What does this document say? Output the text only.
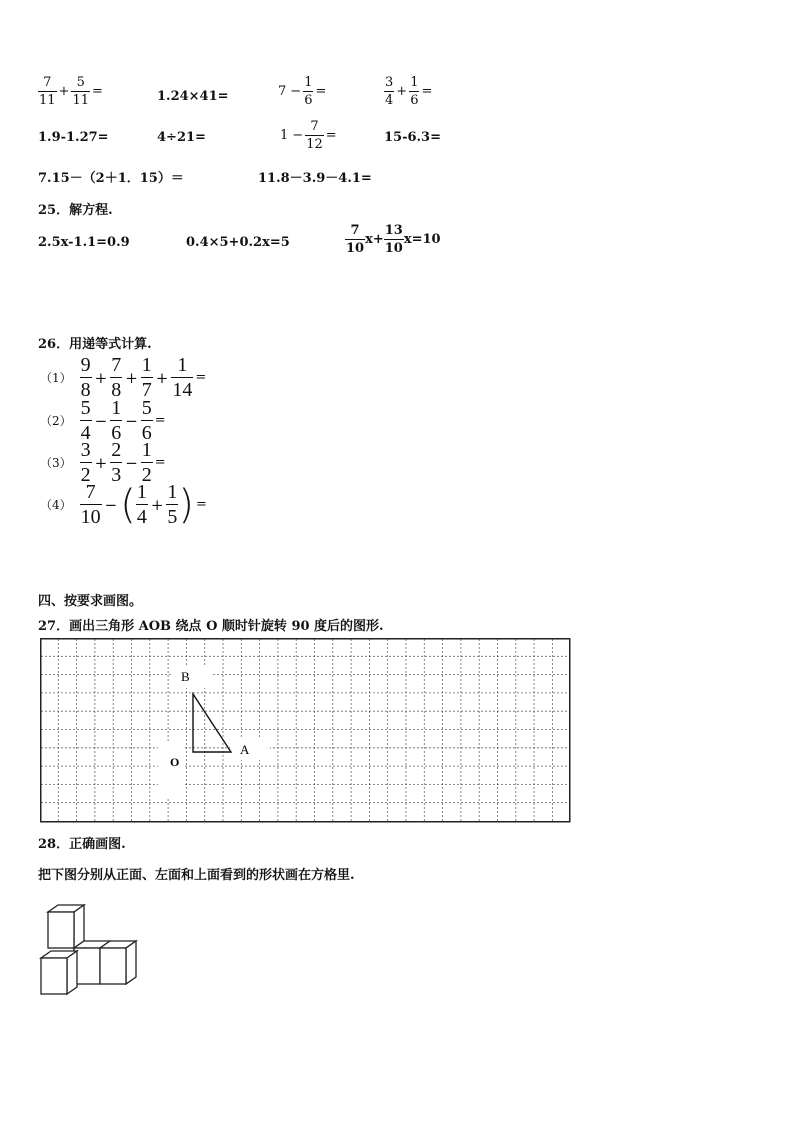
$\frac{7}{11} + \frac{5}{11}$ =	1.24×41=	$7 - \frac{1}{6}$ =	$\frac{3}{4} + \frac{1}{6}$ =
1.9-1.27=	4÷21=	$1 - \frac{7}{12}$ =	15-6.3=
7.15－（2＋1．15）＝	11.8－3.9－4.1=
25．解方程.
2.5x-1.1=0.9	0.4×5+0.2x=5	$\frac{7}{10} x+ \frac{13}{10} x=10$
26．用递等式计算.
$(1) \frac{9}{8} + \frac{7}{8} + \frac{1}{7} + \frac{1}{14}$ =
$(2) \frac{5}{4} - \frac{1}{6} - \frac{5}{6}$ =
$(3) \frac{3}{2} + \frac{2}{3} - \frac{1}{2}$ =
$(4) \frac{7}{10}$ − ( $\frac{1}{4} + \frac{1}{5}$ ) =
四、按要求画图。
27．画出三角形 AOB 绕点 O 顺时针旋转 90 度后的图形.
B
A
O
28．正确画图.
把下图分别从正面、左面和上面看到的形状画在方格里.
